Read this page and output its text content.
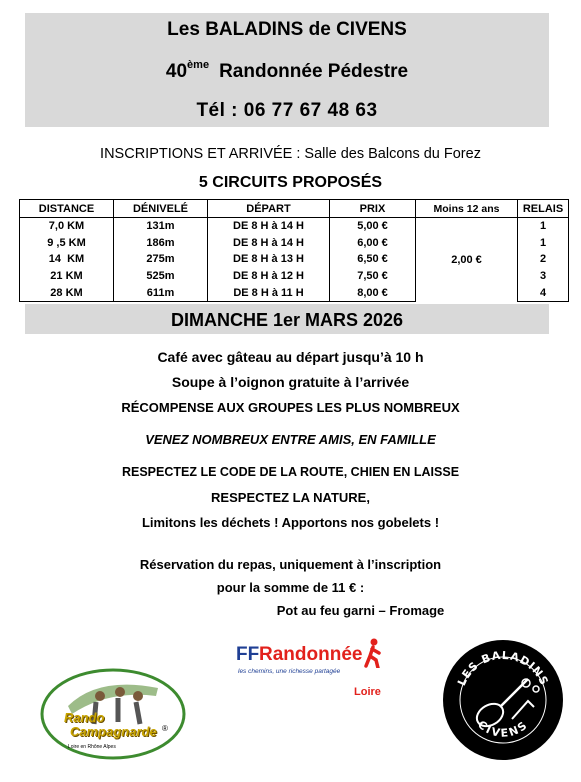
Les BALADINS de CIVENS
40ème Randonnée Pédestre
Tél : 06 77 67 48 63
INSCRIPTIONS ET ARRIVÉE : Salle des Balcons du Forez
5 CIRCUITS PROPOSÉS
DISTANCE	DÉNIVELÉ	DÉPART	PRIX	Moins 12 ans	RELAIS
7,0 KM	131m	DE 8 H à 14 H	5,00 €	2,00 €	1
9 ,5 KM	186m	DE 8 H à 14 H	6,00 €		1
14  KM	275m	DE 8 H à 13 H	6,50 €		2
21 KM	525m	DE 8 H à 12 H	7,50 €		3
28 KM	611m	DE 8 H à 11 H	8,00 €		4
DIMANCHE 1er MARS 2026
Café avec gâteau au départ jusqu’à 10 h
Soupe à l’oignon gratuite à l’arrivée
RÉCOMPENSE AUX GROUPES LES PLUS NOMBREUX
VENEZ NOMBREUX ENTRE AMIS, EN FAMILLE
RESPECTEZ LE CODE DE LA ROUTE, CHIEN EN LAISSE
RESPECTEZ LA NATURE,
Limitons les déchets ! Apportons nos gobelets !
Réservation du repas, uniquement à l’inscription
pour la somme de 11 € :
Pot au feu garni – Fromage
Rando
Campagnarde ®
Loire en Rhône Alpes
FF Randonnée
les chemins, une richesse partagée
Loire
LES BALADINS
CIVENS
